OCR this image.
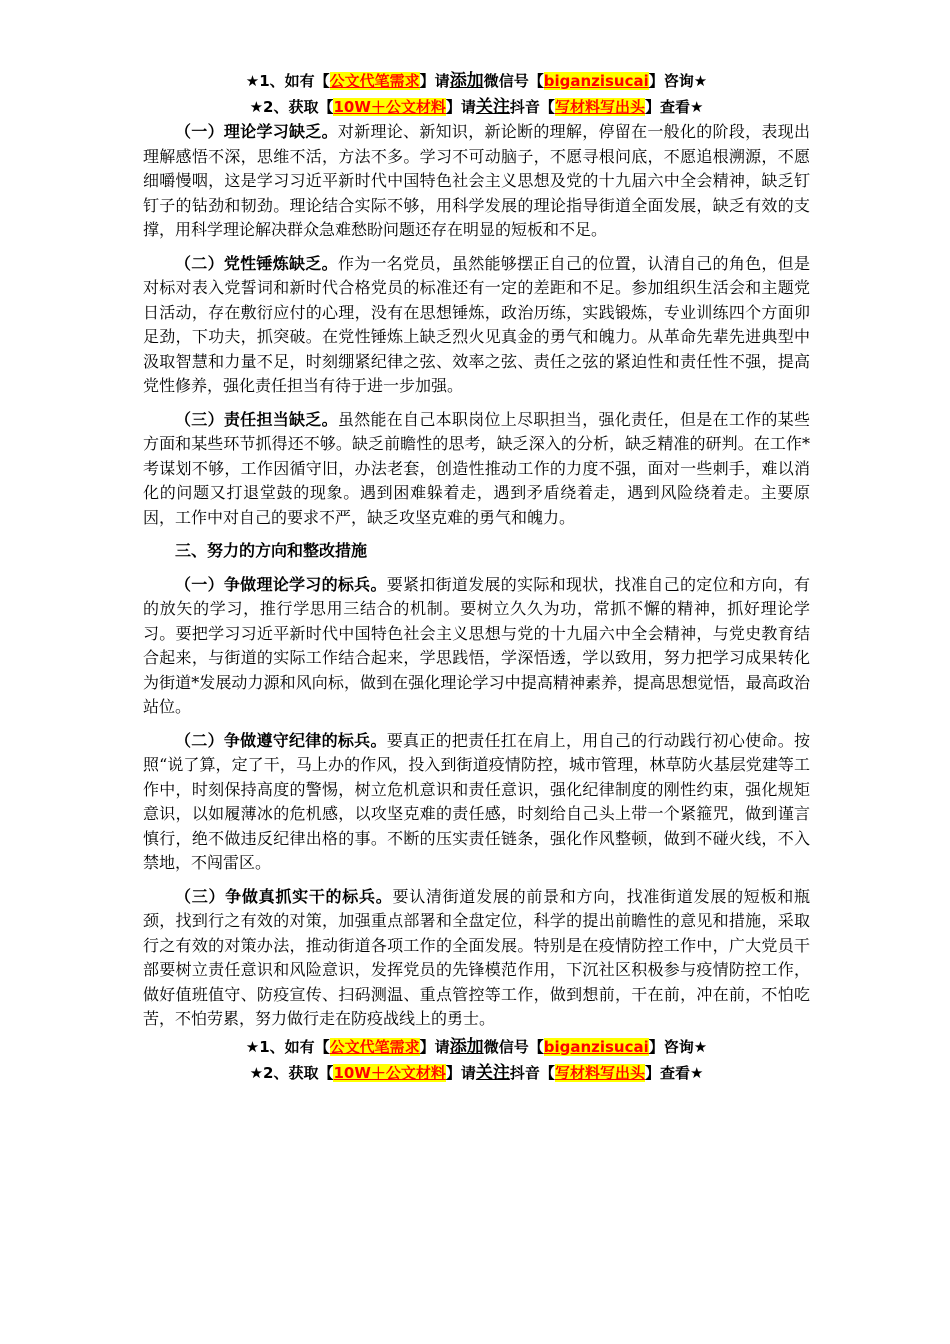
★1、如有【公文代笔需求】请添加微信号【biganzisucai】咨询★
★2、获取【10W＋公文材料】请关注抖音【写材料写出头】查看★

（一）理论学习缺乏。对新理论、新知识，新论断的理解，停留在一般化的阶段，表现出理解感悟不深，思维不活，方法不多。学习不可动脑子，不愿寻根问底，不愿追根溯源，不愿细嚼慢咽，这是学习习近平新时代中国特色社会主义思想及党的十九届六中全会精神，缺乏钉钉子的钻劲和韧劲。理论结合实际不够，用科学发展的理论指导街道全面发展，缺乏有效的支撑，用科学理论解决群众急难愁盼问题还存在明显的短板和不足。

（二）党性锤炼缺乏。作为一名党员，虽然能够摆正自己的位置，认清自己的角色，但是对标对表入党誓词和新时代合格党员的标准还有一定的差距和不足。参加组织生活会和主题党日活动，存在敷衍应付的心理，没有在思想锤炼，政治历练，实践锻炼，专业训练四个方面卯足劲，下功夫，抓突破。在党性锤炼上缺乏烈火见真金的勇气和魄力。从革命先辈先进典型中汲取智慧和力量不足，时刻绷紧纪律之弦、效率之弦、责任之弦的紧迫性和责任性不强，提高党性修养，强化责任担当有待于进一步加强。

（三）责任担当缺乏。虽然能在自己本职岗位上尽职担当，强化责任，但是在工作的某些方面和某些环节抓得还不够。缺乏前瞻性的思考，缺乏深入的分析，缺乏精准的研判。在工作*考谋划不够，工作因循守旧，办法老套，创造性推动工作的力度不强，面对一些刺手，难以消化的问题又打退堂鼓的现象。遇到困难躲着走，遇到矛盾绕着走，遇到风险绕着走。主要原因，工作中对自己的要求不严，缺乏攻坚克难的勇气和魄力。

三、努力的方向和整改措施

（一）争做理论学习的标兵。要紧扣街道发展的实际和现状，找准自己的定位和方向，有的放矢的学习，推行学思用三结合的机制。要树立久久为功，常抓不懈的精神，抓好理论学习。要把学习习近平新时代中国特色社会主义思想与党的十九届六中全会精神，与党史教育结合起来，与街道的实际工作结合起来，学思践悟，学深悟透，学以致用，努力把学习成果转化为街道*发展动力源和风向标，做到在强化理论学习中提高精神素养，提高思想觉悟，最高政治站位。

（二）争做遵守纪律的标兵。要真正的把责任扛在肩上，用自己的行动践行初心使命。按照“说了算，定了干，马上办的作风，投入到街道疫情防控，城市管理，林草防火基层党建等工作中，时刻保持高度的警惕，树立危机意识和责任意识，强化纪律制度的刚性约束，强化规矩意识，以如履薄冰的危机感，以攻坚克难的责任感，时刻给自己头上带一个紧箍咒，做到谨言慎行，绝不做违反纪律出格的事。不断的压实责任链条，强化作风整顿，做到不碰火线，不入禁地，不闯雷区。

（三）争做真抓实干的标兵。要认清街道发展的前景和方向，找准街道发展的短板和瓶颈，找到行之有效的对策，加强重点部署和全盘定位，科学的提出前瞻性的意见和措施，采取行之有效的对策办法，推动街道各项工作的全面发展。特别是在疫情防控工作中，广大党员干部要树立责任意识和风险意识，发挥党员的先锋模范作用，下沉社区积极参与疫情防控工作，做好值班值守、防疫宣传、扫码测温、重点管控等工作，做到想前，干在前，冲在前，不怕吃苦，不怕劳累，努力做行走在防疫战线上的勇士。

★1、如有【公文代笔需求】请添加微信号【biganzisucai】咨询★
★2、获取【10W＋公文材料】请关注抖音【写材料写出头】查看★
